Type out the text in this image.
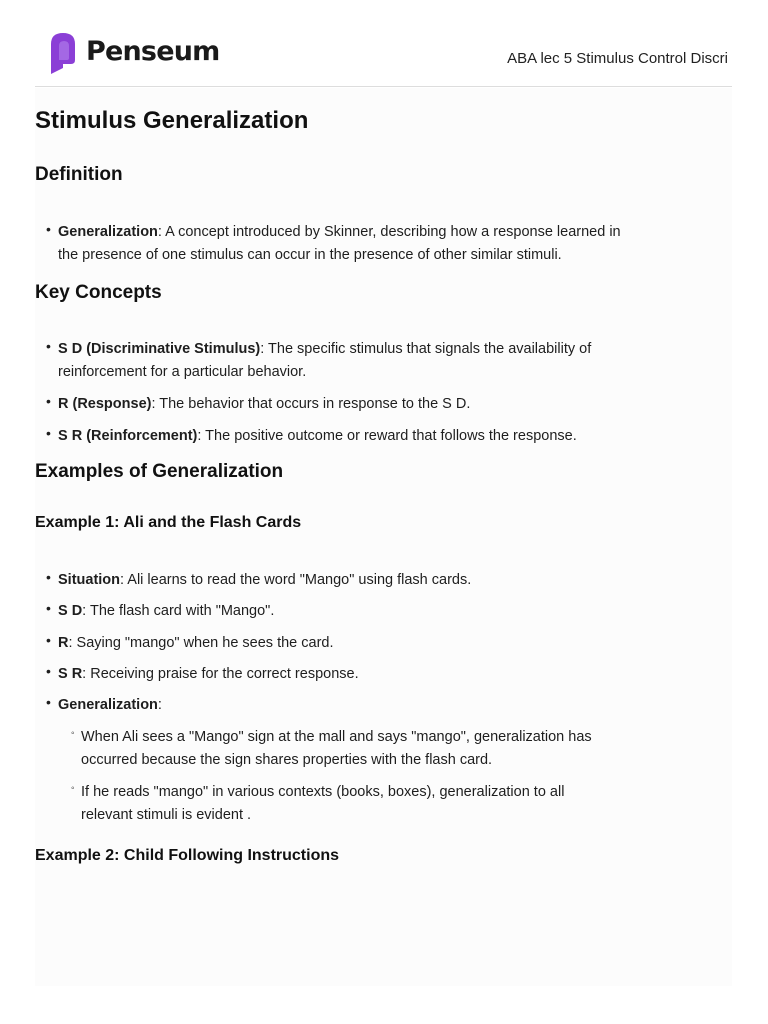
Penseum	ABA lec 5 Stimulus Control Discri
Stimulus Generalization
Definition
• Generalization: A concept introduced by Skinner, describing how a response learned in
the presence of one stimulus can occur in the presence of other similar stimuli.
Key Concepts
• S D (Discriminative Stimulus): The specific stimulus that signals the availability of
reinforcement for a particular behavior.
• R (Response): The behavior that occurs in response to the S D.
• S R (Reinforcement): The positive outcome or reward that follows the response.
Examples of Generalization
Example 1: Ali and the Flash Cards
• Situation: Ali learns to read the word "Mango" using flash cards.
• S D: The flash card with "Mango".
• R: Saying "mango" when he sees the card.
• S R: Receiving praise for the correct response.
• Generalization:
◦ When Ali sees a "Mango" sign at the mall and says "mango", generalization has
occurred because the sign shares properties with the flash card.
◦ If he reads "mango" in various contexts (books, boxes), generalization to all
relevant stimuli is evident .
Example 2: Child Following Instructions
